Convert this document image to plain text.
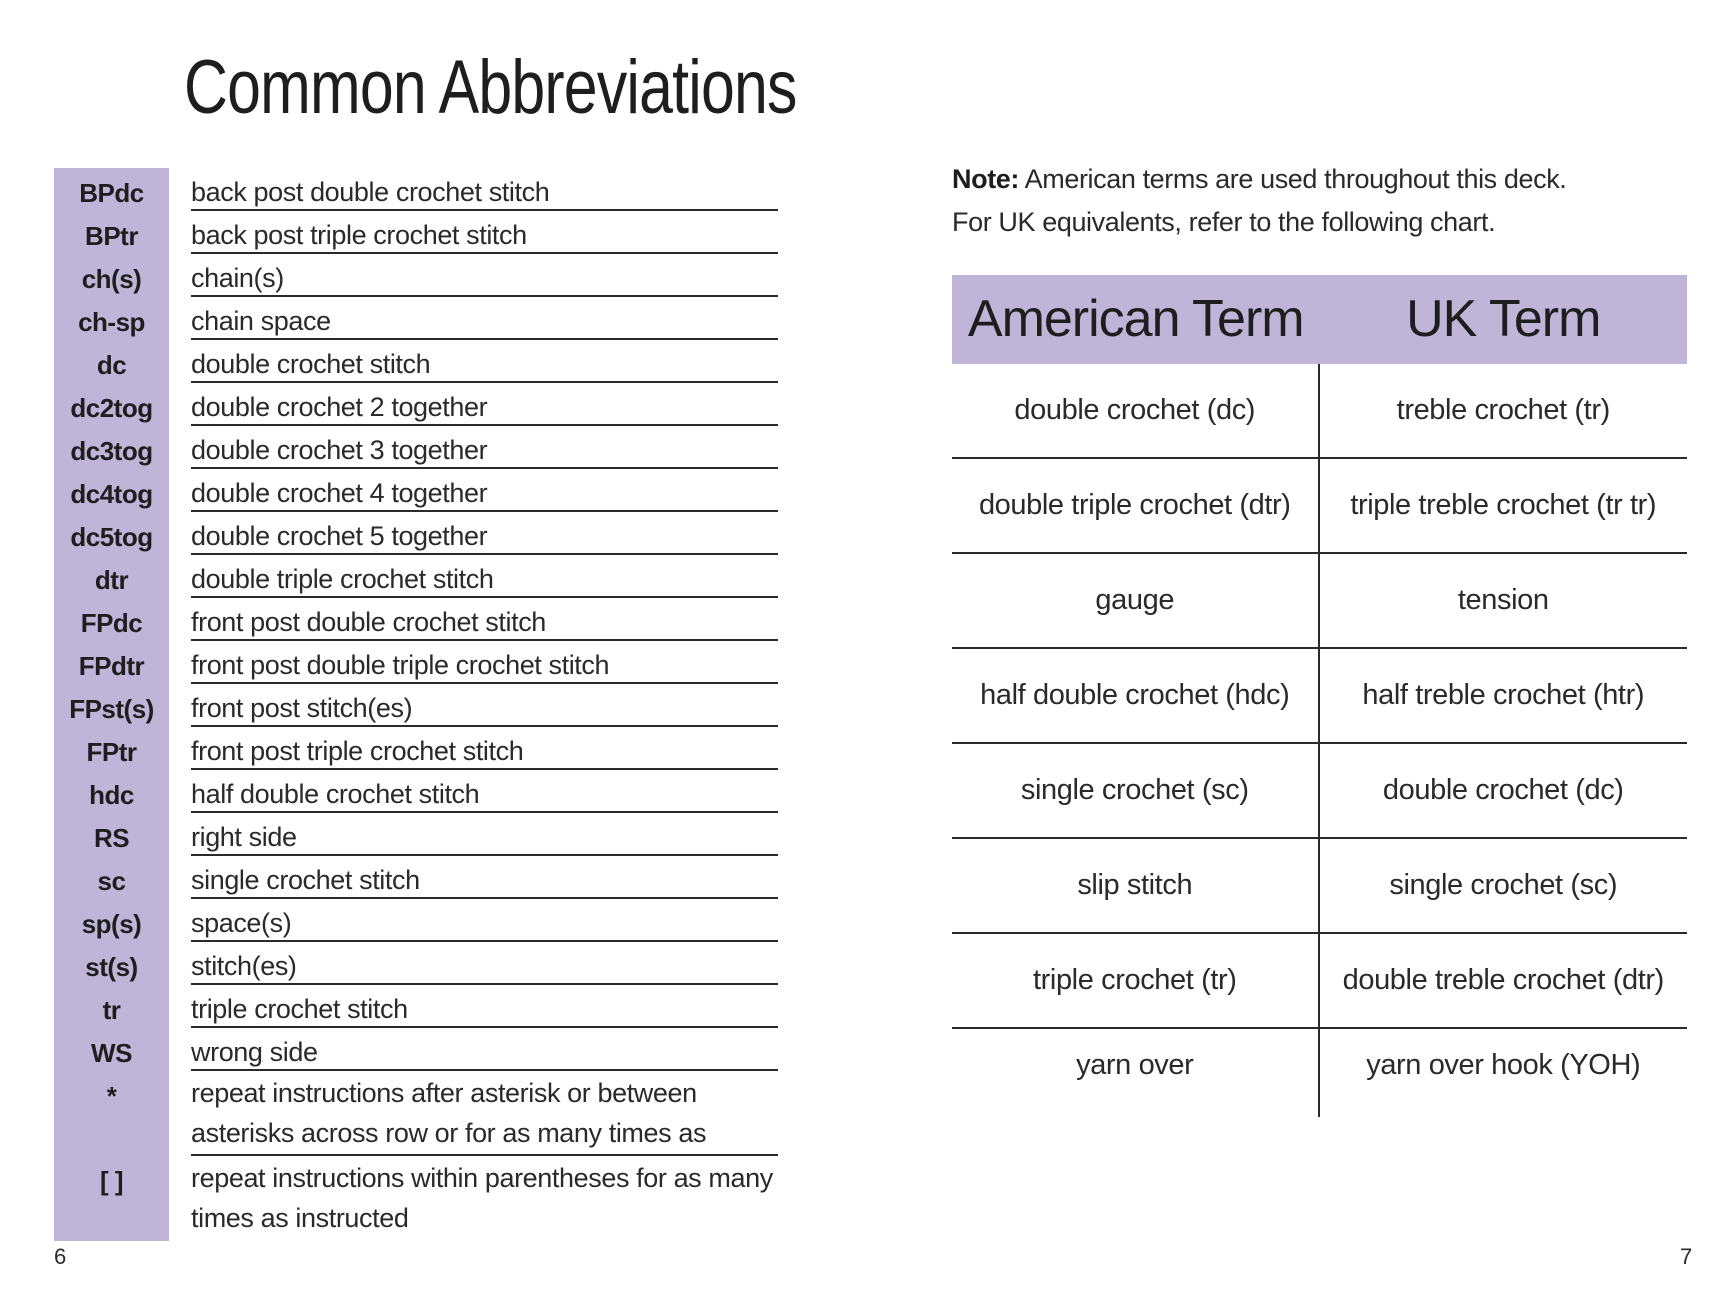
Common Abbreviations
BPdc	back post double crochet stitch
BPtr	back post triple crochet stitch
ch(s)	chain(s)
ch-sp	chain space
dc	double crochet stitch
dc2tog	double crochet 2 together
dc3tog	double crochet 3 together
dc4tog	double crochet 4 together
dc5tog	double crochet 5 together
dtr	double triple crochet stitch
FPdc	front post double crochet stitch
FPdtr	front post double triple crochet stitch
FPst(s)	front post stitch(es)
FPtr	front post triple crochet stitch
hdc	half double crochet stitch
RS	right side
sc	single crochet stitch
sp(s)	space(s)
st(s)	stitch(es)
tr	triple crochet stitch
WS	wrong side
*	repeat instructions after asterisk or between asterisks across row or for as many times as
[ ]	repeat instructions within parentheses for as many times as instructed
6

Note: American terms are used throughout this deck. For UK equivalents, refer to the following chart.

American Term	UK Term
double crochet (dc)	treble crochet (tr)
double triple crochet (dtr)	triple treble crochet (tr tr)
gauge	tension
half double crochet (hdc)	half treble crochet (htr)
single crochet (sc)	double crochet (dc)
slip stitch	single crochet (sc)
triple crochet (tr)	double treble crochet (dtr)
yarn over	yarn over hook (YOH)
7
